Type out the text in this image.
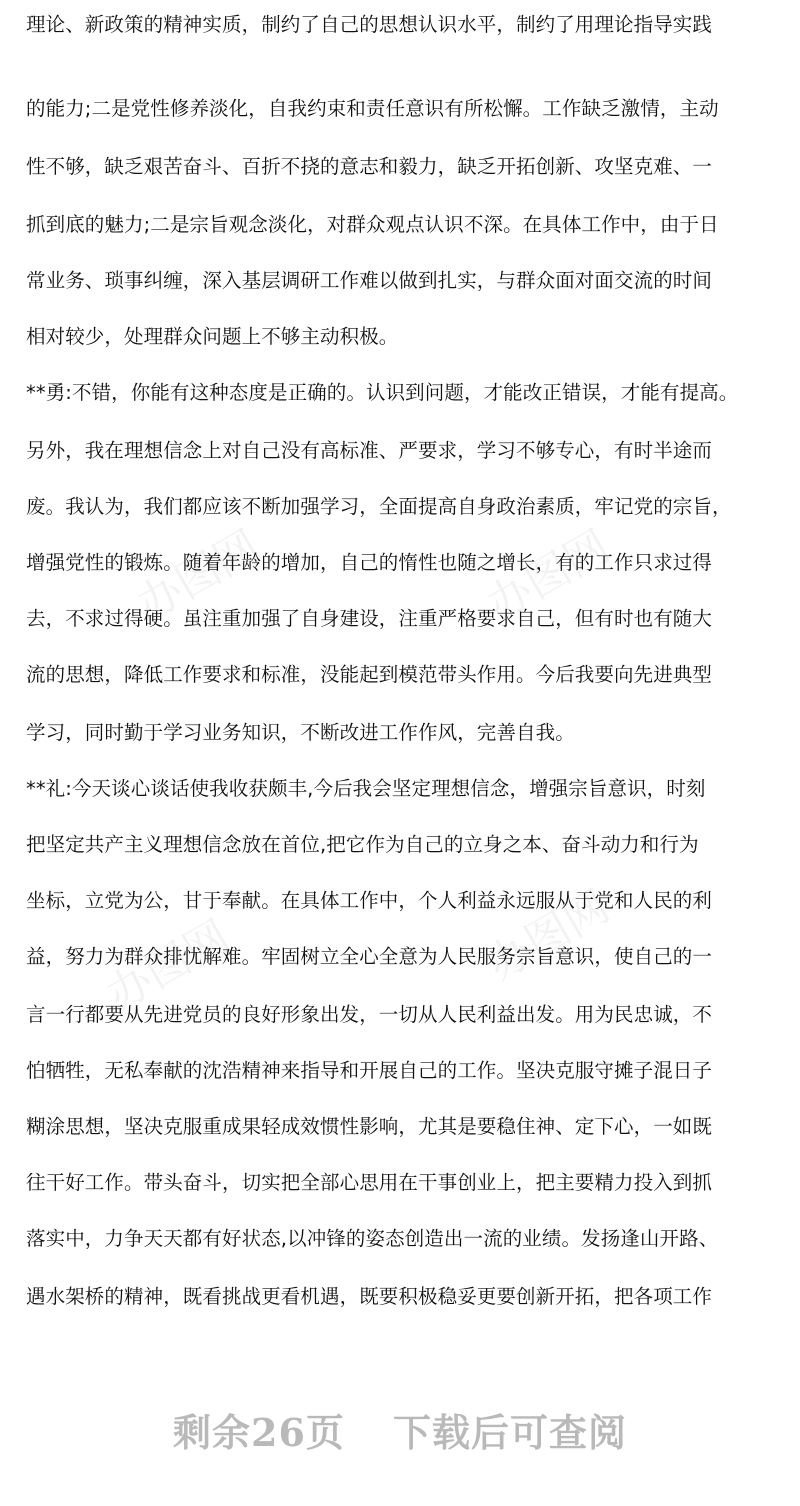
办图网	办图网
办图网	办图网
理论、新政策的精神实质，制约了自己的思想认识水平，制约了用理论指导实践
的能力;二是党性修养淡化，自我约束和责任意识有所松懈。工作缺乏激情，主动
性不够，缺乏艰苦奋斗、百折不挠的意志和毅力，缺乏开拓创新、攻坚克难、一
抓到底的魅力;二是宗旨观念淡化，对群众观点认识不深。在具体工作中，由于日
常业务、琐事纠缠，深入基层调研工作难以做到扎实，与群众面对面交流的时间
相对较少，处理群众问题上不够主动积极。
**勇:不错，你能有这种态度是正确的。认识到问题，才能改正错误，才能有提高。
另外，我在理想信念上对自己没有高标准、严要求，学习不够专心，有时半途而
废。我认为，我们都应该不断加强学习，全面提高自身政治素质，牢记党的宗旨，
增强党性的锻炼。随着年龄的增加，自己的惰性也随之增长，有的工作只求过得
去，不求过得硬。虽注重加强了自身建设，注重严格要求自己，但有时也有随大
流的思想，降低工作要求和标准，没能起到模范带头作用。今后我要向先进典型
学习，同时勤于学习业务知识，不断改进工作作风，完善自我。
**礼:今天谈心谈话使我收获颇丰,今后我会坚定理想信念，增强宗旨意识，时刻
把坚定共产主义理想信念放在首位,把它作为自己的立身之本、奋斗动力和行为
坐标，立党为公，甘于奉献。在具体工作中，个人利益永远服从于党和人民的利
益，努力为群众排忧解难。牢固树立全心全意为人民服务宗旨意识，使自己的一
言一行都要从先进党员的良好形象出发，一切从人民利益出发。用为民忠诚，不
怕牺牲，无私奉献的沈浩精神来指导和开展自己的工作。坚决克服守摊子混日子
糊涂思想，坚决克服重成果轻成效惯性影响，尤其是要稳住神、定下心，一如既
往干好工作。带头奋斗，切实把全部心思用在干事创业上，把主要精力投入到抓
落实中，力争天天都有好状态,以冲锋的姿态创造出一流的业绩。发扬逢山开路、
遇水架桥的精神，既看挑战更看机遇，既要积极稳妥更要创新开拓，把各项工作
剩余26页 下载后可查阅
